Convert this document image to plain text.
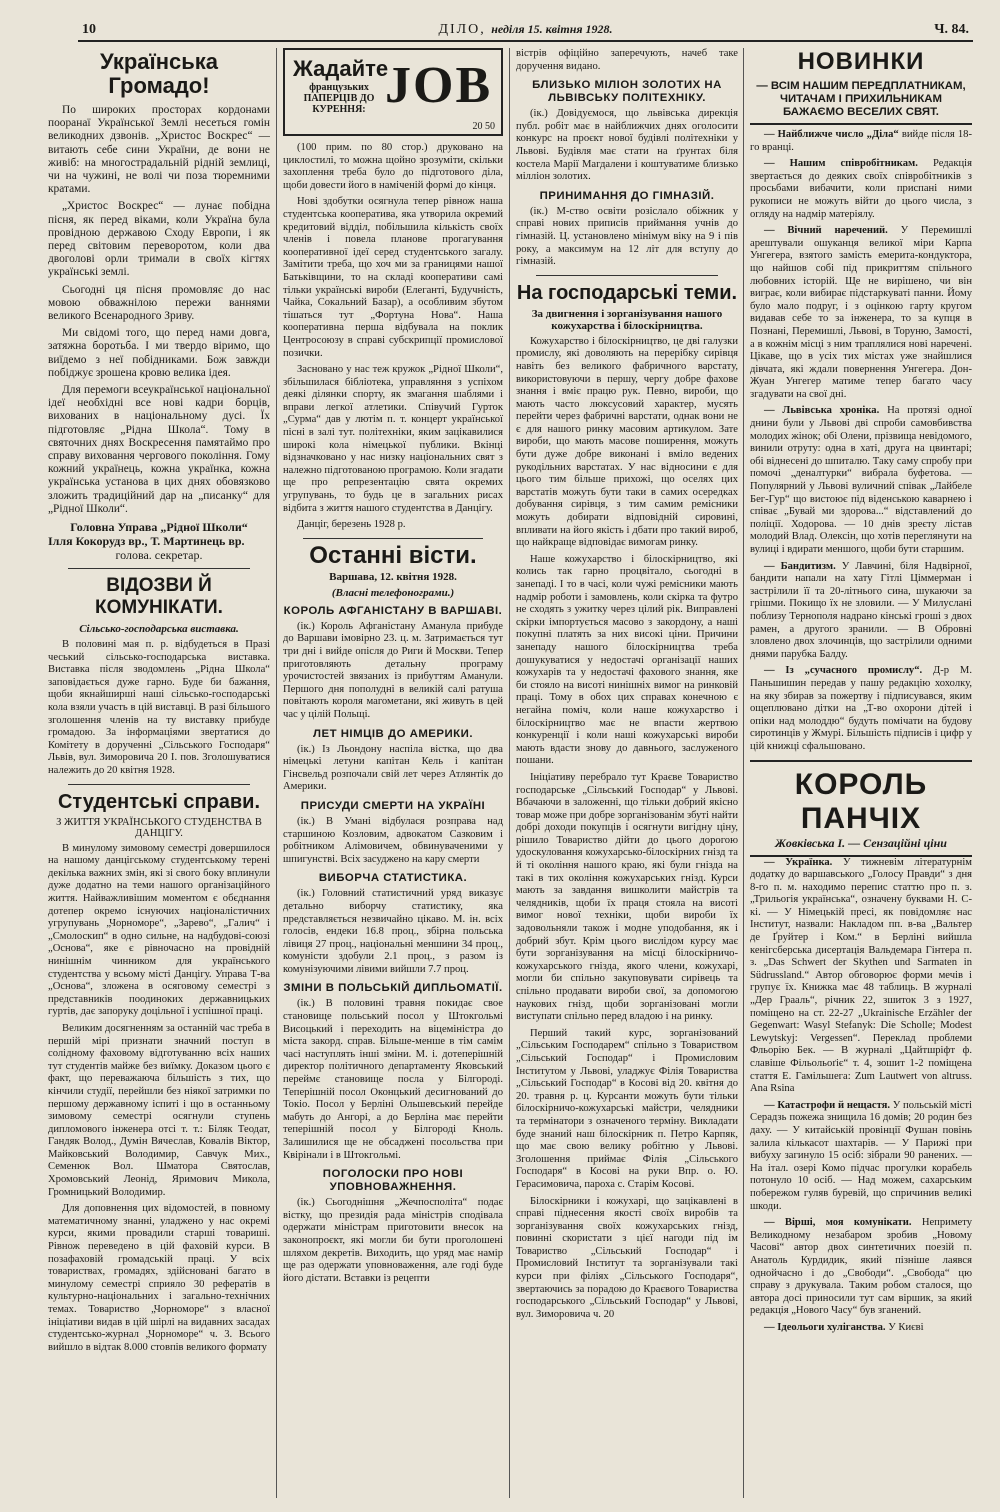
10	ДІЛО, неділя 15. квітня 1928.	Ч. 84.
Українська Громадо!

По широких просторах кордонами пооранаї Української Землі несеться гомін великодних дзвонів. „Христос Воскрес“ — витають себе сини України, де вони не живіб: на многострадальній рідній землиці, чи на чужині, не волі чи поза тюремними кратами.

„Христос Воскрес“ — лунає побідна пісня, як перед віками, коли Україна була провідною державою Сходу Европи, і як перед світовим переворотом, коли два двоголові орли тримали в своїх кігтях українські землі.

Сьогодні ця пісня промовляє до нас мовою обважнілою пережи ваннями великого Всенародного Зриву.

Ми свідомі того, що перед нами довга, затяжна боротьба. І ми твердо віримо, що виїдемо з неї побідниками. Бож завжди побіджує зрошена кровю велика ідея.

Для перемоги всеукраїнської національної ідеї необхідні все нові кадри борців, вихованих в національному дусі. Їх підготовляє „Рідна Школа“. Тому в святочних днях Воскресення памятаймо про справу виховання чергового покоління. Гому кожний українець, кожна українка, кожна українська установа в цих днях обовязково зложить традиційний дар на „писанку“ для „Рідної Школи“.

Головна Управа „Рідної Школи“

Ілля Кокорудз вр., Т. Мартинець вр.

голова. секретар.

ВІДОЗВИ Й КОМУНІКАТИ.
Сільсько-господарська виставка.

В половині мая п. р. відбудеться в Празі чеський сільсько-господарська виставка. Виставка після зводомлень „Рідна Школа“ заповідається дуже гарно. Буде би бажання, щоби якнайширші наші сільсько-господарські кола взяли участь в цій виставці. В разі більшого зголошення членів на ту виставку прибуде громадою. За інформаціями звертатися до Комітету в дорученні „Сільського Господаря“ Львів, вул. Зиморовича 20 І. пов. Зголошуватися належить до 20 квітня 1928.

Студентські справи.
З ЖИТТЯ УКРАЇНСЬКОГО СТУДЕНСТВА В ДАНЦІГУ.

В минулому зимовому семестрі довершилося на нашому данцігському студентському терені декілька важних змін, які зі свого боку вплинули дуже додатно на теми нашого організаційного життя. Найважливішим моментом є обєднання дотепер окремо існуючих націоналістичних угрупувань „Чорноморе“, „Зарево“, „Галич“ і „Смолоскип“ в одно сильне, на надбудові-союзі „Основа“, яке є рівночасно на провідній нинішнім чинником для українського студентства у всьому місті Данцігу. Управа Т-ва „Основа“, зложена в осяговому семестрі з представників поодиноких державницьких гуртів, дає запоруку доцільної і успішної праці.

Великим досягненням за останній час треба в першій мірі признати значний поступ в солідному фаховому відготуванню всіх наших тут студентів майже без виїмку. Доказом цього є факт, що переважаюча більшість з тих, що кінчили студії, перейшли без ніякої затримки по першому державному іспиті і що в останньому зимовому семестрі осягнули ступень дипломового інженера отсі т. т.: Біляк Теодат, Гандяк Волод., Думін Вячеслав, Ковалів Віктор, Майковський Володимир, Савчук Мих., Семенюк Вол. Шматора Святослав, Хромовський Леонід, Яримович Микола, Громницький Володимир.

Для доповнення цих відомостей, в повному математичному знанні, уладжено у нас окремі курси, якими провадили старші товариші. Рівнож переведено в цій фаховій курси. В позафаховій громадській праці. У всіх товариствах, громадях, здійсновані багато в минулому семестрі сприяло 30 рефератів в культурно-національних і загально-технічних темах. Товариство „Чорноморе“ з власної ініціативи видав в цій шірлі на видавних засадах студентсько-журнал „Чорноморе“ ч. 3. Всього вийшло в відтак 8.000 стовпів великого формату

Жадайте
французьких ПАПЕРЦІВ ДО КУРЕННЯ: JOB
20 50

(100 прим. по 80 стор.) друковано на циклостилі, то можна щойно зрозуміти, скільки захоплення треба було до підготового діла, щоби довести його в наміченій формі до кінця.

Нові здобутки осягнула тепер рівнож наша студентська кооператива, яка утворила окремий кредитовий відділ, побільшила кількість своїх членів і повела планове прогагування кооперативної ідеї серед студентського загалу. Замітити треба, що хоч ми за границями нашої Батьківщини, то на складі кооперативи самі тільки українські вироби (Елеганті, Будучність, Чайка, Сокальний Базар), а особливим збутом тішаться тут „Фортуна Нова“. Наша кооперативна перша відбувала на поклик Центросоюзу в справі субскрипції промислової позички.

Засновано у нас теж кружок „Рідної Школи“, збільшилася бібліотека, управляння з успіхом деякі ділянки спорту, як змагання шаблями і вправи легкої атлетики. Співучий Гурток „Сурма“ дав у лютім п. т. концерт української пісні в залі тут. політехніки, яким зацікавилися широкі кола німецької публики. Вкінці відзначковано у нас низку національних свят з належно підготованою програмою. Коли згадати ще про репрезентацію свята окремих угрупувань, то будь це в загальних рисах відбита з життя нашого студентства в Данцігу.

Данціг, березень 1928 р.

Останні вісти.
Варшава, 12. квітня 1928.
(Власні телефонограми.)
КОРОЛЬ АФГАНІСТАНУ В ВАРШАВІ.

(ік.) Король Афганістану Аманула прибуде до Варшави імовірно 23. ц. м. Затримається тут три дні і вийде опісля до Риги й Москви. Тепер приготовляють детальну програму урочистостей звязаних із прибуттям Аманули. Першого дня пополудні в великій салі ратуша повітають короля магометани, які живуть в цей час у цілій Польщі.

ЛЕТ НІМЦІВ ДО АМЕРИКИ.

(ік.) Із Льондону наспіла вістка, що два німецькі летуни капітан Кель і капітан Гінсвельд розпочали свій лет через Атлянтік до Америки.

ПРИСУДИ СМЕРТИ НА УКРАЇНІ

(ік.) В Умані відбулася розправа над старшиною Козловим, адвокатом Сазковим і робітником Алімовичем, обвинуваченими у шпигунстві. Всіх засуджено на кару смерти

ВИБОРЧА СТАТИСТИКА.

(ік.) Головний статистичний уряд виказує детально виборчу статистику, яка представляється незвичайно цікаво. М. ін. всіх голосів, ендеки 16.8 проц., збірна польська лівиця 27 проц., національні меншини 34 проц., комуністи здобули 2.1 проц., з разом із комунізуючими лівими вийшли 7.7 проц.

ЗМІНИ В ПОЛЬСЬКІЙ ДИПЛЬОМАТІЇ.

(ік.) В половині травня покидає свое становище польський посол у Штокгольмі Висоцький і переходить на віцеміністра до міста закорд. справ. Більше-менше в тім самім часі наступлять інші зміни. М. і. дотеперішній директор політичного департаменту Яковський переймє становище посла у Білгороді. Теперішній посол Оконцький десигнований до Токіо. Посол у Берліні Ольшевський перейде мабуть до Ангорі, а до Берліна має перейти теперішній посол у Білгороді Кноль. Залишилися ще не обсаджені посольства при Квірінали і в Штокгольмі.

ПОГОЛОСКИ ПРО НОВІ УПОВНОВАЖНЕННЯ.

(ік.) Сьогоднішня „Жечпосполіта“ подає вістку, що президія рада міністрів сподівала одержати міністрам приготовити внесок на законопроєкт, які могли би бути проголошені шляхом декретів. Виходить, що уряд має намір ще раз одержати уповноваження, але годі буде його дістати. Вставки із рецепти

вістрів офіційно заперечують, начеб таке доручення видано.

БЛИЗЬКО МІЛІОН ЗОЛОТИХ НА ЛЬВІВСЬКУ ПОЛІТЕХНІКУ.

(ік.) Довідуємося, що львівська дирекція публ. робіт має в найближчих днях оголосити конкурс на проєкт нової будівлі політехніки у Львові. Будівля має стати на ґрунтах біля костела Марії Магдалени і коштуватиме близько мілліон золотих.

ПРИНИМАННЯ ДО ГІМНАЗІЙ.

(ік.) М-ство освіти розіслало обіжник у справі нових приписів приймання учнів до гімназій. Ц. установлено мінімум віку на 9 і пів року, а максимум на 12 літ для вступу до гімназій.

На господарські теми.
За двигнення і зорганізування нашого кожухарства і білоскірництва.

Кожухарство і білоскірництво, це дві галузки промислу, які доволяють на перерібку сирівця навіть без великого фабричного варстату, використовуючи в першу, чергу добре фахове знання і вміє працю рук. Певно, вироби, що мають часто люксусовий характер, мусять перейти через фабричні варстати, однак вони не є для нашого ринку масовим артикулом. Зате вироби, що мають масове поширення, можуть бути дуже добре виконані і вміло ведених рукодільних варстатах. У нас відносини є для цього тим більше прихожі, що оселях цих варстатів можуть бути таки в самих осередках добування сирівця, з тим самим ремісники можуть добирати відповідній сировині, впливати на його якість і дбати про такий вироб, що найкраще відповідає вимогам ринку.

Наше кожухарство і білоскірництво, які колись так гарно процвітало, сьогодні в занепаді. І то в часі, коли чужі ремісники мають надмір роботи і замовлень, коли скірка та футро не сходять з ужитку через цілий рік. Виправлені скірки імпортується масово з закордону, а наші покупні платять за них високі ціни. Причини занепаду нашого білоскірництва треба дошукуватися у недостачі організації наших кожухарів та у недостачі фахового знання, яке би стояло на висоті нинішніх вимог на ринковій праці. Тому в обох цих справах конечною є негайна поміч, коли наше кожухарство і білоскірництво має не впасти жертвою конкуренції і коли наші кожухарські вироби мають вдасти знову до давнього, заслуженого пошани.

Ініціативу перебрало тут Краєве Товариство господарське „Сільський Господар“ у Львові. Вбачаючи в заложенні, що тільки добрий якісно товар може при добре зорганізованім збуті найти добрі доходи покупців і осягнути вигідну ціну, рішило Товариство дійти до цього дорогою удоскуловання кожухарсько-білоскірних гнізд та й ті окоління нашого краю, які були гнізда на такі в тих окоління кожухарських гнізд. Курси мають за завдання вишколити майстрів та челядників, щоби їх праця стояла на висоті вимог нової техніки, щоби вироби їх задовольняли також і модне уподобання, як і добрий збут. Крім цього вислідом курсу має бути зорганізування на місці білоскірничо-кожухарського гнізда, якого члени, кожухарі, могли би спільно закуповувати сирівець та спільно продавати вироби свої, за допомогою наукових гнізд, щоби зорганізовані могли виступати спільно перед владою і на ринку.

Перший такий курс, зорганізований „Сільським Господарем“ спільно з Товариством „Сільський Господар“ і Промисловим Інститутом у Львові, уладжує Філія Товариства „Сільський Господар“ в Косові від 20. квітня до 20. травня р. ц. Курсанти можуть бути тільки білоскірничо-кожухарські майстри, челядники та термінатори з означеного терміну. Викладати буде знаний наш білоскірник п. Петро Карпяк, що має свою велику робітню у Львові. Зголошення приймає Філія „Сільського Господаря“ в Косові на руки Впр. о. Ю. Герасимовича, пароха с. Старім Косові.

Білоскірники і кожухарі, що зацікавлені в справі піднесення якості своїх виробів та зорганізування своїх кожухарських гнізд, повинні скористати з цієї нагоди під ім Товариство „Сільський Господар“ і Промисловий Інститут та зорганізували такі курси при філіях „Сільського Господаря“, звертаючись за порадою до Краєвого Товариства господарського „Сільський Господар“ у Львові, вул. Зиморовича ч. 20

НОВИНКИ
— ВСІМ НАШИМ ПЕРЕДПЛАТНИКАМ, ЧИТАЧАМ І ПРИХИЛЬНИКАМ БАЖАЄМО ВЕСЕЛИХ СВЯТ.

— Найближче число „Діла“ вийде після 18-го вранці.

— Нашим співробітникам. Редакція звертається до деяких своїх співробітників з просьбами вибачити, коли приспані ними рукописи не можуть війти до цього числа, з огляду на надмір матеріялу.

— Вічний наречений. У Перемишлі арештували ошуканця великої міри Карпа Унгегера, взятого замість емерита-кондуктора, що найшов собі під прикриттям спільного любовних історій. Ще не вирішено, чи він виграє, коли вибирає підстаркуваті панни. Йому було мало подруг, і з оцінкою гарту кругом видавав себе то за інженера, то за купця в Познані, Перемишлі, Львові, в Торуню, Замості, а в кожнім місці з ним траплялися нові наречені. Цікаве, що в усіх тих містах уже знайшлися дівчата, які ждали повернення Унгегера. Дон-Жуан Унгегер матиме тепер багато часу згадувати на свої дні.

— Львівська хроніка. На протязі одної днини були у Львові дві спроби самовбивства молодих жінок; обі Олени, прізвища невідомого, винили отруту: одна в хаті, друга на цвинтарі; обі віднесені до шпиталю. Таку саму спробу при помочі „деналтурки“ вибрала буфетова. — Популярний у Львові вуличний співак „Лайбеле Бег-Гур“ що вистоює під віденською каварнею і співає „Бувай ми здорова...“ відставлений до поліції. Ходорова. — 10 днів зреєту лістав молодий Влад. Олексін, що хотів переглянути на вулиці і вдирати меншого, щоби бути старшим.

— Бандитизм. У Лавчині, біля Надвірної, бандити напали на хату Гітлі Ціммерман і застрілили її та 20-літнього сина, шукаючи за грішми. Покищо їх не зловили. — У Милуслані поблизу Тернополя надрано кінські гроші з двох рамен, а другого зранили. — В Обровні зловлено двох злочинців, що застрілили одними днями парубка Балду.

— Із „сучасного промислу“. Д-р М. Паньшишин передав у пашу редакцію хохолку, на яку збирав за пожертву і підписувався, яким ощеплювано дітки на „Т-во охорони дітей і опіки над молоддю“ будуть помічати на будову сиротинців у Жмурі. Більшість підписів і цифр у цій книжці сфальшовано.

КОРОЛЬ ПАНЧІХ
Жовківська І. — Сензаційні ціни

— Українка. У тижневім літературнім додатку до варшавського „Голосу Правди“ з дня 8-го п. м. находимо перепис статтю про п. з. „Трильогія українська“, означену буквами Н. С-кі. — У Німецькій пресі, як повідомляє нас Інститут, назвали: Накладом пп. в-ва „Вальтер де Ґруйтер і Ком.“ в Берліні вийшла кенігсберська дисертація Вальдемара Гінтера п. з. „Das Schwert der Skythen und Sarmaten in Südrussland.“ Автор обговорює форми мечів і групує їх. Книжка має 48 таблиць. В журналі „Дер Грааль“, річник 22, зшиток 3 з 1927, поміщено на ст. 22-27 „Ukrainische Erzähler der Gegenwart: Wasyl Stefanyk: Die Scholle; Modest Lewytskyj: Vergessen“. Переклад проблеми Фльорію Бек. — В журналі „Цайтшріфт ф. славіше Фільольоґіє“ т. 4, зошит 1-2 поміщена стаття Е. Гамільшега: Zum Lautwert von altruss. Ana Rsina

— Катастрофи й нещастя. У польській місті Серадзь пожежа знищила 16 домів; 20 родин без даху. — У китайській провінції Фушан повінь залила кількасот шахтарів. — У Парижі при вибуху загинуло 15 осіб: зібрали 90 ранених. — На італ. озері Комо підчас прогулки корабель потонуло 10 осіб. — Над можем, сахарським побережом гуляв буревій, що спричинив великі шкоди.

— Вірші, моя комунікати. Непримету Великодному незабаром зробив „Новому Часові“ автор двох синтетичних поезій п. Анатоль Курдидик, який пізніше лаявся однойчасно і до „Свободи“. „Свобода“ цю справу з друкувала. Таким робом сталося, що автора досі приносили тут сам віршик, за який редакція „Нового Часу“ був зганений.

— Ідеольоги хуліганства. У Києві
